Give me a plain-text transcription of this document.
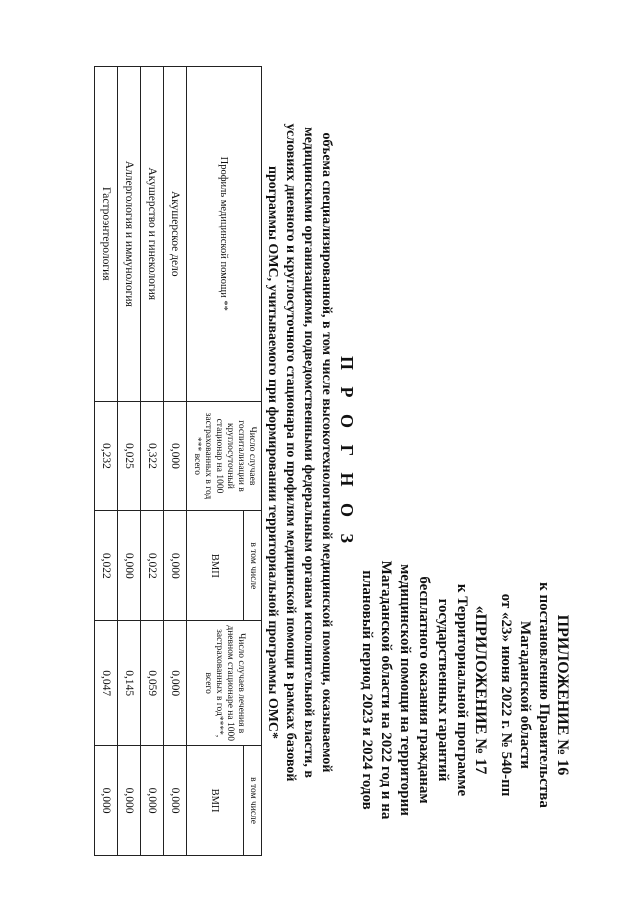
ПРИЛОЖЕНИЕ № 16
к постановлению Правительства
Магаданской области
от «23» июня 2022 г. № 540-пп
«ПРИЛОЖЕНИЕ № 17
к Территориальной программе
государственных гарантий
бесплатного оказания гражданам
медицинской помощи на территории
Магаданской области на 2022 год и на
плановый период 2023 и 2024 годов
П Р О Г Н О З
объема специализированной, в том числе высокотехнологичной медицинской помощи, оказываемой
медицинскими организациями, подведомственными федеральным органам исполнительной власти, в
условиях дневного и круглосуточного стационара по профилям медицинской помощи в рамках базовой
программы ОМС, учитываемого при формировании территориальной программы ОМС*
Профиль медицинской помощи **	Число случаев госпитализации в круглосуточный стационар на 1000 застрахованных в год *** всего	в том числе	Число случаев лечения в дневном стационаре на 1000 застрахованных в год****, всего	в том числе
		ВМП		ВМП
Акушерское дело	0,000	0,000	0,000	0,000
Акушерство и гинекология	0,322	0,022	0,059	0,000
Аллергология и иммунология	0,025	0,000	0,145	0,000
Гастроэнтерология	0,232	0,022	0,047	0,000
